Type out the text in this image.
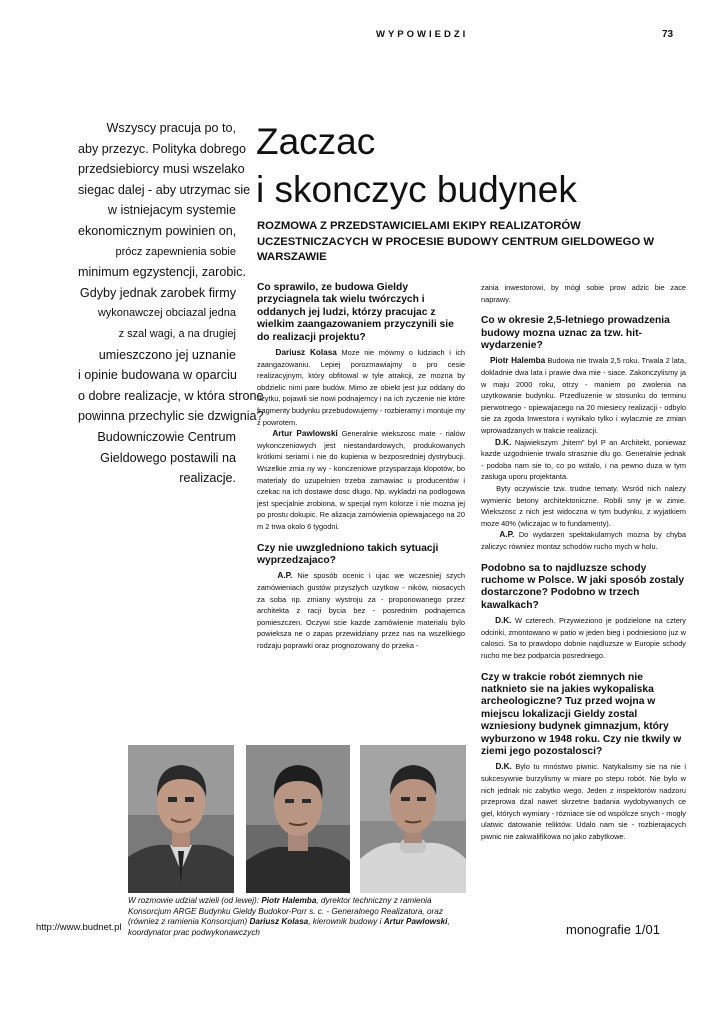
WYPOWIEDZI	73
Wszyscy pracuja po to,
aby przezyc. Polityka dobrego
przedsiebiorcy musi wszelako
siegac dalej - aby utrzymac sie
w istniejacym systemie
ekonomicznym powinien on,
prócz zapewnienia sobie
minimum egzystencji, zarobic.
Gdyby jednak zarobek firmy
wykonawczej obciazal jedna
z szal wagi, a na drugiej
umieszczono jej uznanie
i opinie budowana w oparciu
o dobre realizacje, w która strone
powinna przechylic sie dzwignia?
Budowniczowie Centrum
Gieldowego postawili na
realizacje.
Zaczac
i skonczyc budynek
ROZMOWA Z PRZEDSTAWICIELAMI EKIPY REALIZATORÓW
UCZESTNICZACYCH W PROCESIE BUDOWY CENTRUM GIELDOWEGO W WARSZAWIE
Co sprawilo, ze budowa Gieldy przyciagnela tak wielu twórczych i oddanych jej ludzi, którzy pracujac z wielkim zaangazowaniem przyczynili sie do realizacji projektu?

Dariusz Kolasa Moze nie mówmy o ludziach i ich zaangazowaniu. Lepiej porozmawiajmy o pro cesie realizacyjnym, który obfitowal w tyle atrakcji, ze mozna by obdzielic nimi pare budów. Mimo ze obiekt jest juz oddany do uzytku, pojawili sie nowi podnajemcy i na ich zyczenie nie które fragmenty budynku przebudowujemy - rozbieramy i montuje my z powrotem.

Artur Pawlowski Generalnie wiekszosc mate - rialów wykonczeniowych jest niestandardowych, produkowanych krótkimi seriami i nie do kupienia w bezposredniej dystrybucji. Wszelkie zmia ny wy - konczeniowe przysparzaja klopotów, bo materialy do uzupelnien trzeba zamawiac u producentów i czekac na ich dostawe dosc dlugo. Np. wykladzi na podlogowa jest specjalnie zrobiona, w specjal nym kolorze i nie mozna jej po prostu dokupic. Re alizacja zamówienia opiewajacego na 20 m 2 trwa okolo 6 tygodni.

Czy nie uwzgledniono takich sytuacji wyprzedzajaco?

A.P. Nie sposób ocenic i ujac we wczesniej szych zamówieniach gustów przyszlych uzytkow - ników, niosacych za soba np. zmiany wystroju za - proponowanego przez architekta z racji bycia bez - posrednim podnajemca pomieszczen. Oczywi scie kazde zamówienie materialu bylo powieksza ne o zapas przewidziany przez nas na wszelkiego rodzaju poprawki oraz prognozowany do przeka -

zania inwestorowi, by mógl sobie prow adzic bie zace naprawy.

Co w okresie 2,5-letniego prowadzenia budowy mozna uznac za tzw. hit-wydarzenie?

Piotr Halemba Budowa nie trwala 2,5 roku. Trwala 2 lata, dokladnie dwa lata i prawie dwa mie - siace. Zakonczylismy ja w maju 2000 roku, otrzy - maniem po zwolenia na uzytkowanie budynku. Przedluzenie w stosunku do terminu pierwotnego - opiewajacego na 20 miesiecy realizacji - odbylo sie za zgoda Inwestora i wynikalo tylko i wylacznie ze zmian wprowadzanych w trakcie realizacji.

D.K. Najwiekszym „hitem” byl P an Architekt, poniewaz kazde uzgodnienie trwalo strasznie dlu go. Generalnie jednak - podoba nam sie to, co po wstalo, i na pewno duza w tym zasluga uporu projektanta.

Byty oczywiscie tzw. trudne tematy. Wsród nich nalezy wymienic betony architektoniczne. Robili smy je w zimie. Wiekszosc z nich jest widoczna w tym budynku, z wyjatkiem moze 40% (wliczajac w to fundamenty).

A.P. Do wydarzen spektakularnych mozna by chyba zaliczyc równiez montaz schodów rucho mych w holu.

Podobno sa to najdluzsze schody ruchome w Polsce. W jaki sposób zostaly dostarczone? Podobno w trzech kawalkach?

D.K. W czterech. Przywieziono je podzielone na cztery odcinki, zmontowano w patio w jeden bieg i podniesiono juz w calosci. Sa to prawdopo dobnie najdluzsze w Europie schody rucho me bez podparcia posredniego.

Czy w trakcie robót ziemnych nie natknieto sie na jakies wykopaliska archeologiczne? Tuz przed wojna w miejscu lokalizacji Gieldy zostal wzniesiony budynek gimnazjum, który wyburzono w 1948 roku. Czy nie tkwily w ziemi jego pozostalosci?

D.K. Bylo tu mnóstwo piwnic. Natykalismy sie na nie i sukcesywnie burzylismy w miare po stepu robót. Nie bylo w nich jednak nic zabytko wego. Jeden z inspektorów nadzoru przeprowa dzal nawet skrzetne badania wydobywanych ce giel, których wymiary - rózniace sie od wspólcze snych - mogly ulatwic datowanie reliktów. Udalo nam sie - rozbierajacych piwnic nie zakwalifikowa no jako zabytkowe.

W rozmowie udzial wzieli (od lewej): Piotr Halemba, dyrektor techniczny z ramienia Konsorcjum ARGE Budynku Gieldy Budokor-Porr s. c. - Generalnego Realizatora, oraz (równiez z ramienia Konsorcjum) Dariusz Kolasa, kierownik budowy i Artur Pawlowski, koordynator prac podwykonawczych
http://www.budnet.pl	monografie 1/01
